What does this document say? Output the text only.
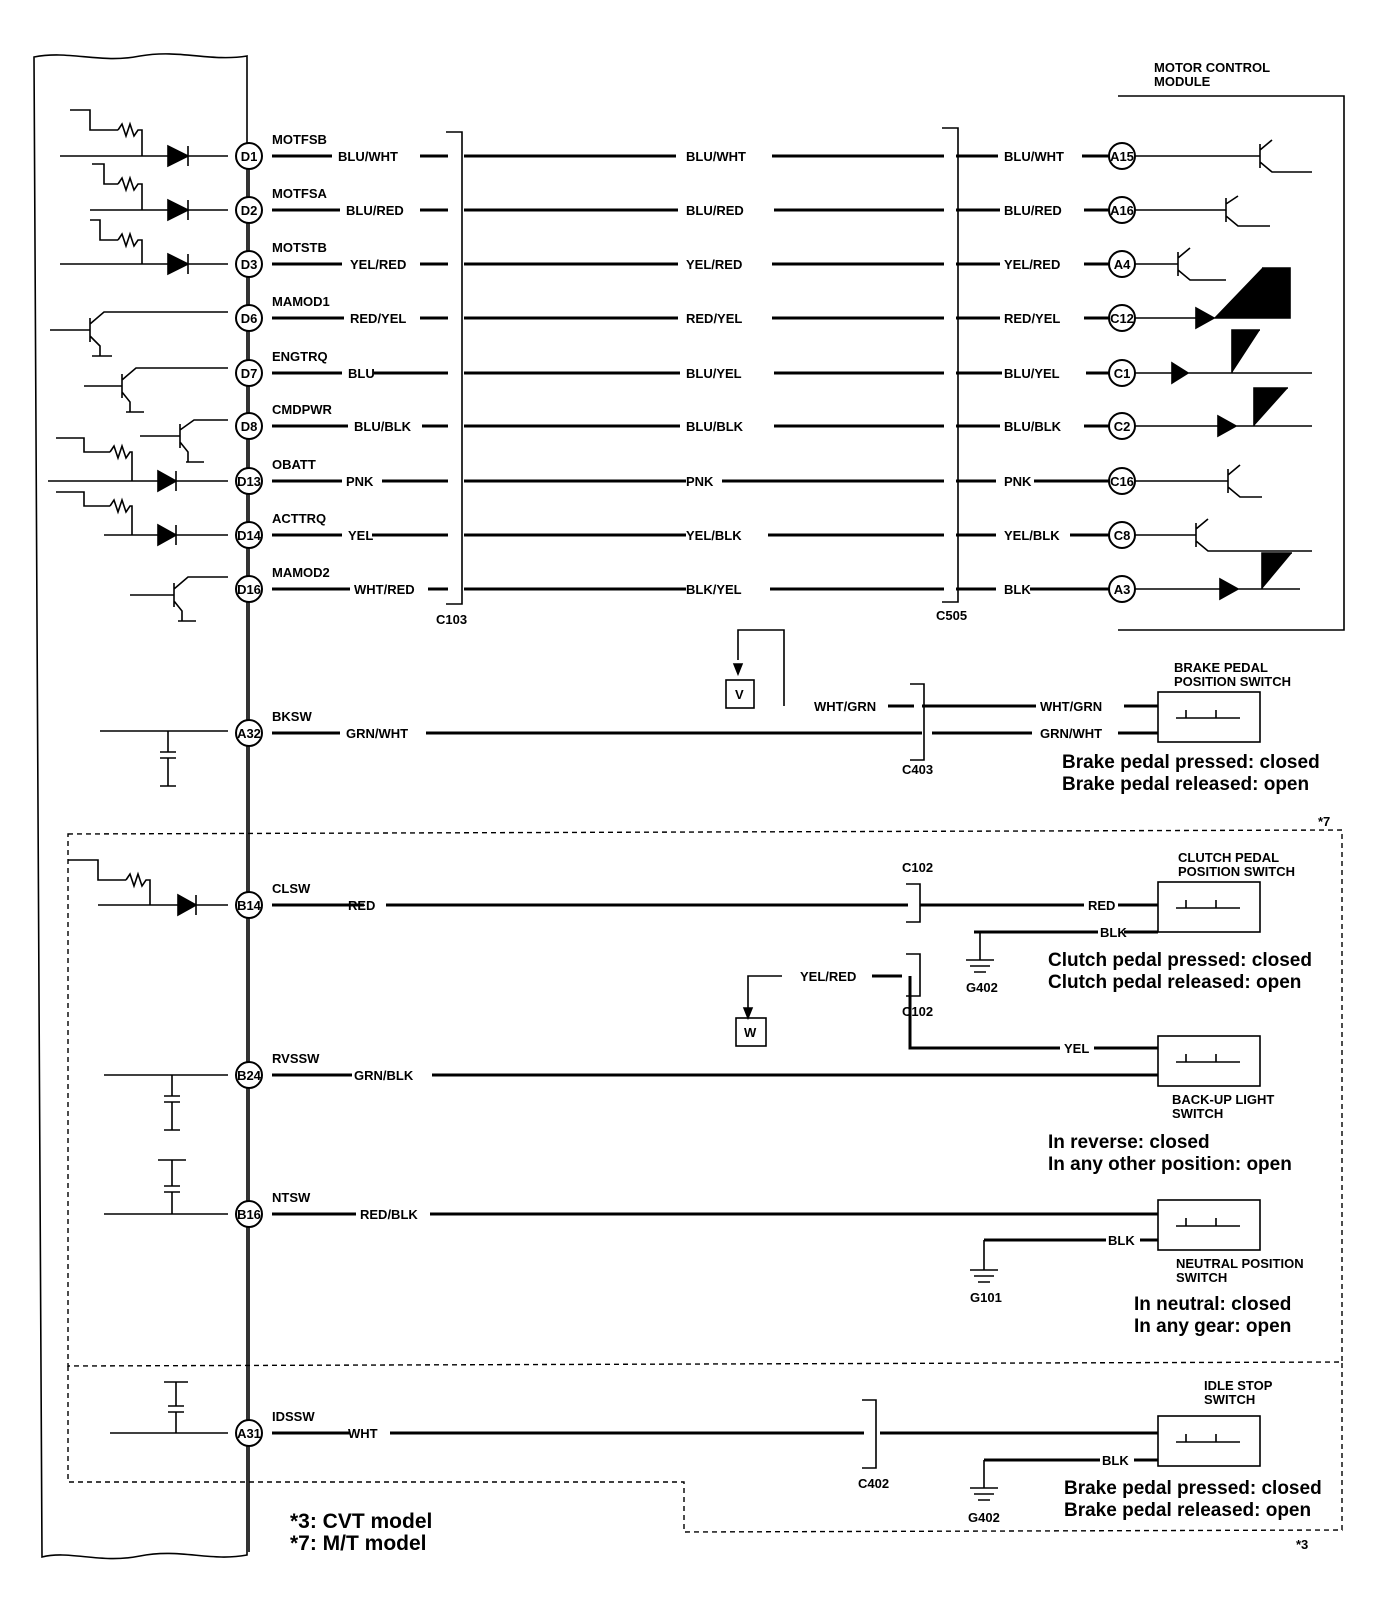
*7
*3
V
W
D1
MOTFSB
BLU/WHT
D2
MOTFSA
BLU/RED
D3
MOTSTB
YEL/RED
D6
MAMOD1
RED/YEL
D7
ENGTRQ
BLU
D8
CMDPWR
BLU/BLK
D13
OBATT
PNK
D14
ACTTRQ
YEL
D16
MAMOD2
WHT/RED
A32
BKSW
GRN/WHT
B14
CLSW
RED
B24
RVSSW
GRN/BLK
B16
NTSW
RED/BLK
A31
IDSSW
WHT
BLU/WHT
BLU/RED
YEL/RED
RED/YEL
BLU/YEL
BLU/BLK
PNK
YEL/BLK
BLK/YEL
A15
BLU/WHT
A16
BLU/RED
A4
YEL/RED
C12
RED/YEL
C1
BLU/YEL
C2
BLU/BLK
C16
PNK
C8
YEL/BLK
A3
BLK
BRAKE PEDAL
POSITION SWITCH
Brake pedal pressed: closed
Brake pedal released: open
CLUTCH PEDAL
POSITION SWITCH
Clutch pedal pressed: closed
Clutch pedal released: open
BACK-UP LIGHT
SWITCH
In reverse: closed
In any other position: open
NEUTRAL POSITION
SWITCH
In neutral: closed
In any gear: open
IDLE STOP
SWITCH
Brake pedal pressed: closed
Brake pedal released: open
MOTOR CONTROL
MODULE
C103	C505
C403
C102
C102
C402
G402
G101
G402
WHT/GRN	WHT/GRN
GRN/WHT
RED
BLK
YEL/RED
YEL
BLK
BLK
*3: CVT model
*7: M/T model
